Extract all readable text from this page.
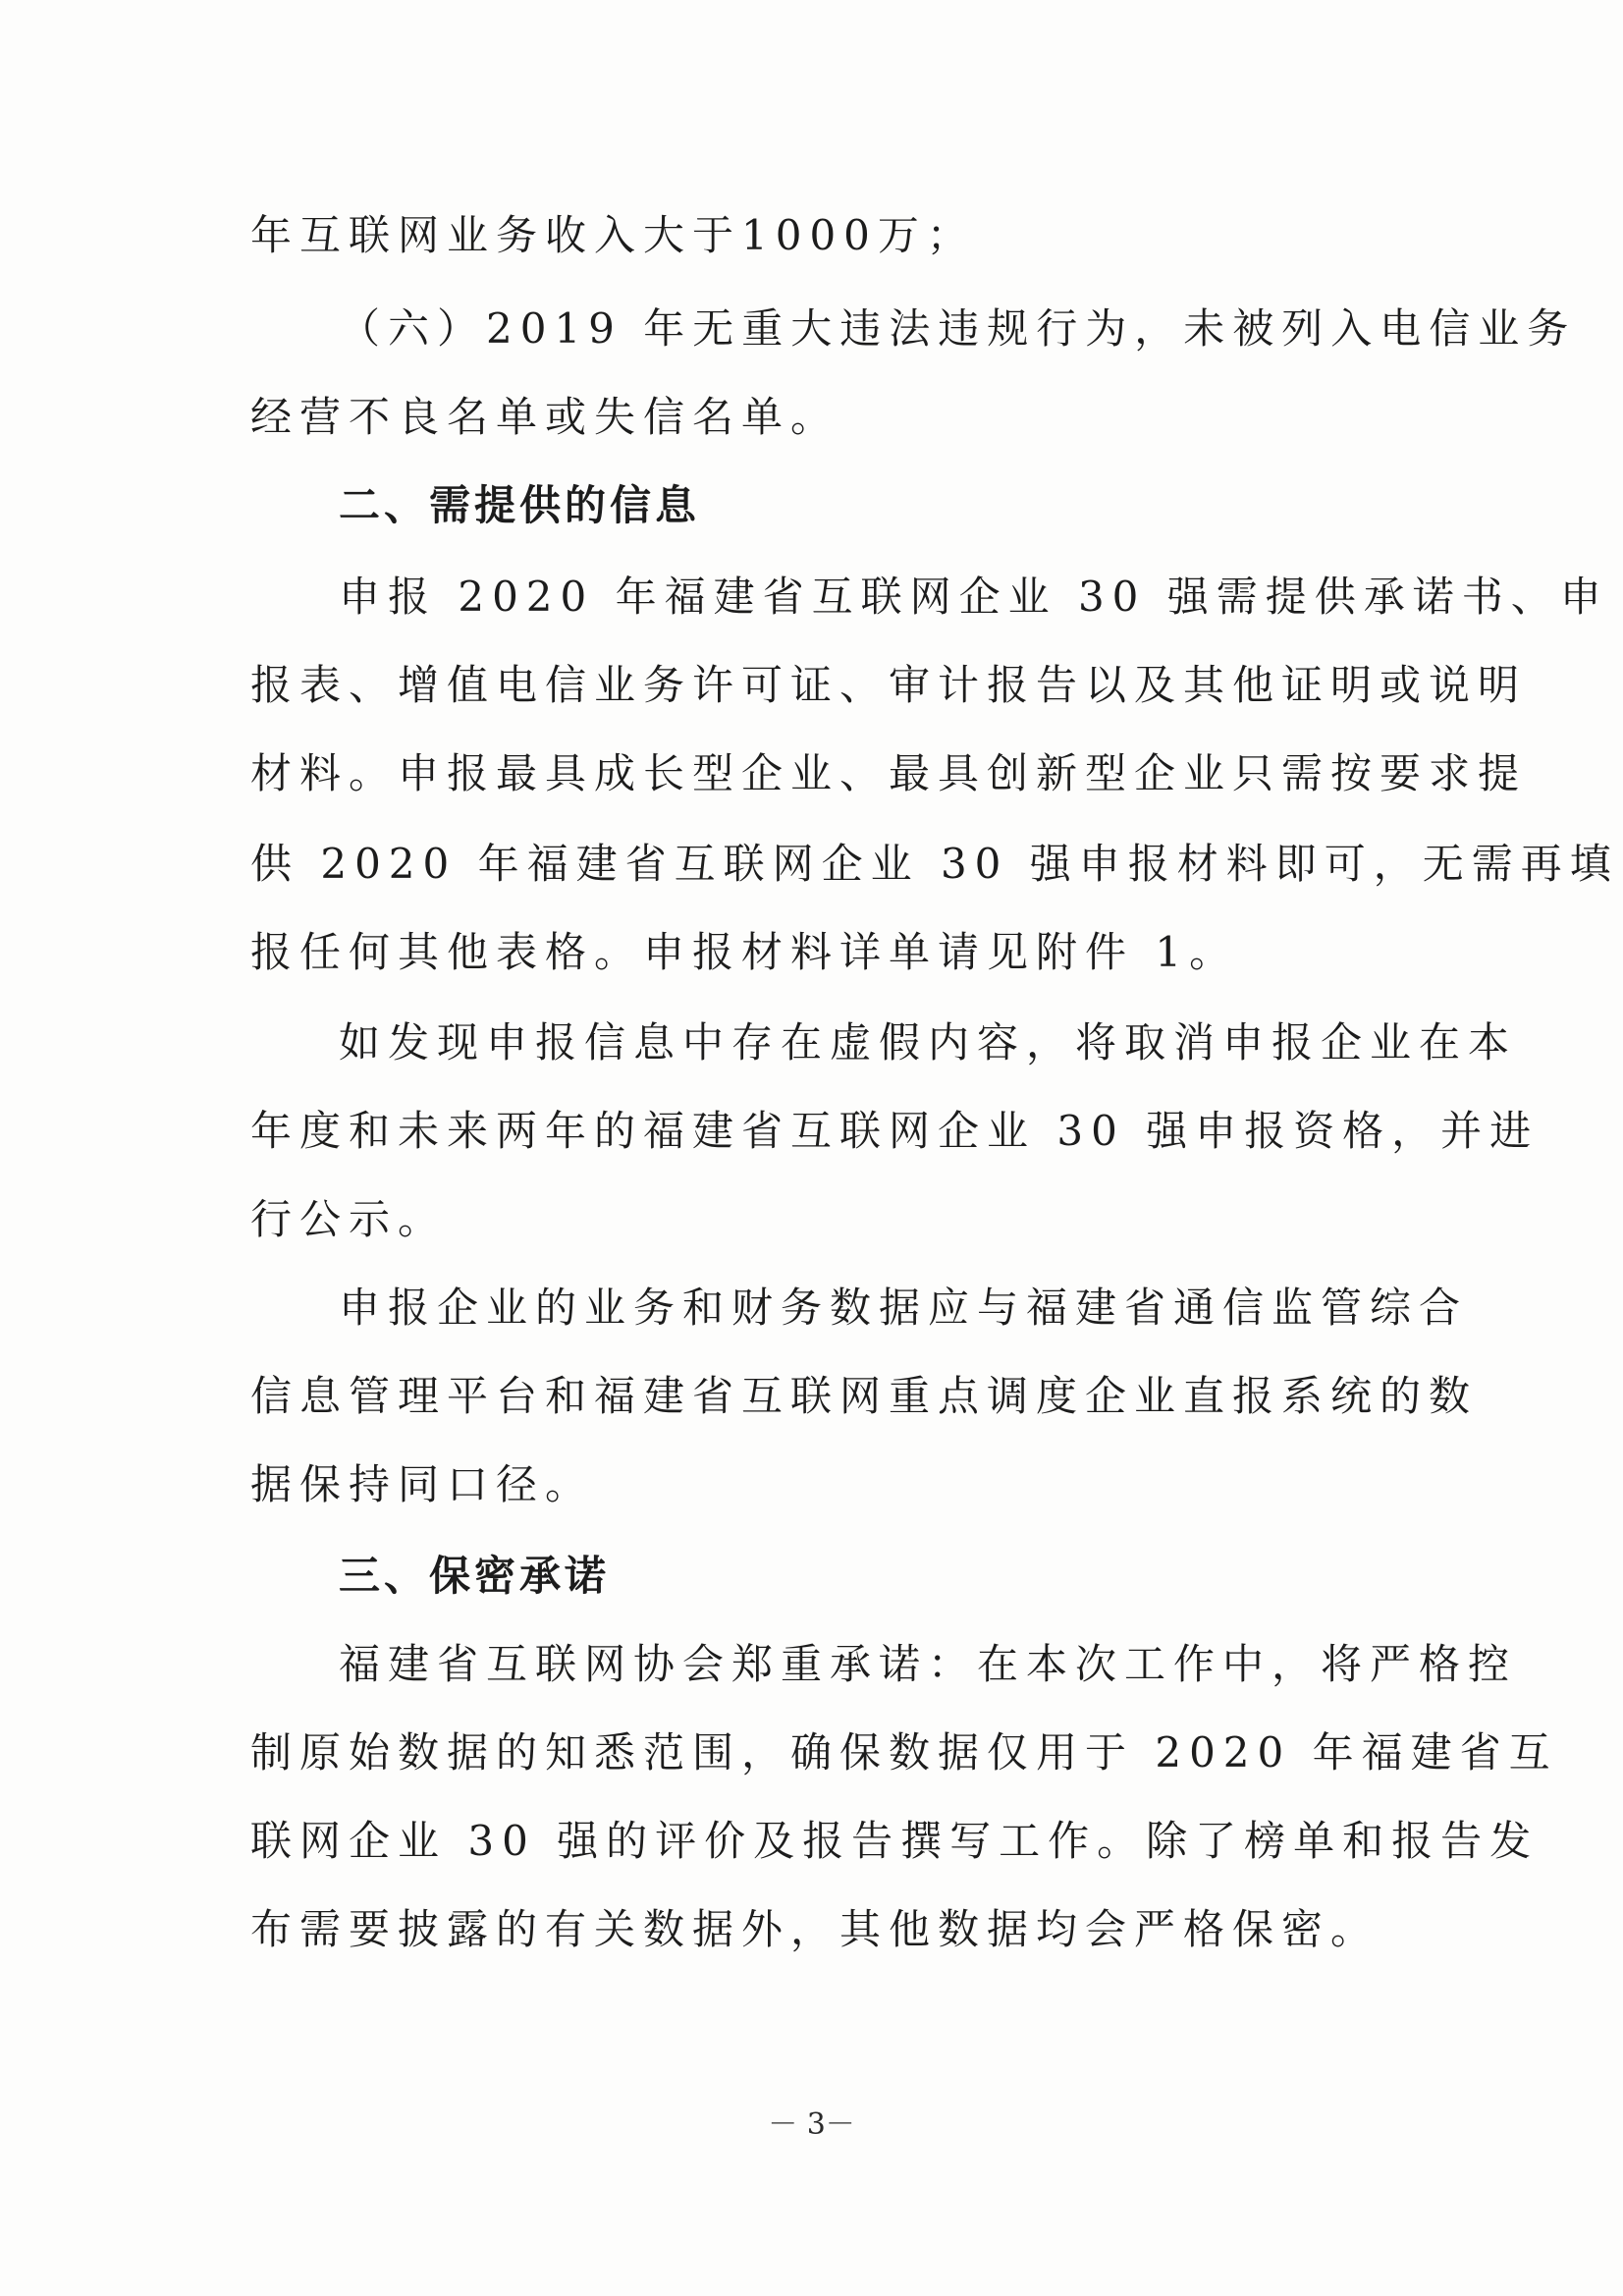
年互联网业务收入大于1000万；
（六）2019 年无重大违法违规行为，未被列入电信业务
经营不良名单或失信名单。
二、需提供的信息
申报 2020 年福建省互联网企业 30 强需提供承诺书、申
报表、增值电信业务许可证、审计报告以及其他证明或说明
材料。申报最具成长型企业、最具创新型企业只需按要求提
供 2020 年福建省互联网企业 30 强申报材料即可，无需再填
报任何其他表格。申报材料详单请见附件 1。
如发现申报信息中存在虚假内容，将取消申报企业在本
年度和未来两年的福建省互联网企业 30 强申报资格，并进
行公示。
申报企业的业务和财务数据应与福建省通信监管综合
信息管理平台和福建省互联网重点调度企业直报系统的数
据保持同口径。
三、保密承诺
福建省互联网协会郑重承诺：在本次工作中，将严格控
制原始数据的知悉范围，确保数据仅用于 2020 年福建省互
联网企业 30 强的评价及报告撰写工作。除了榜单和报告发
布需要披露的有关数据外，其他数据均会严格保密。
－ 3－
